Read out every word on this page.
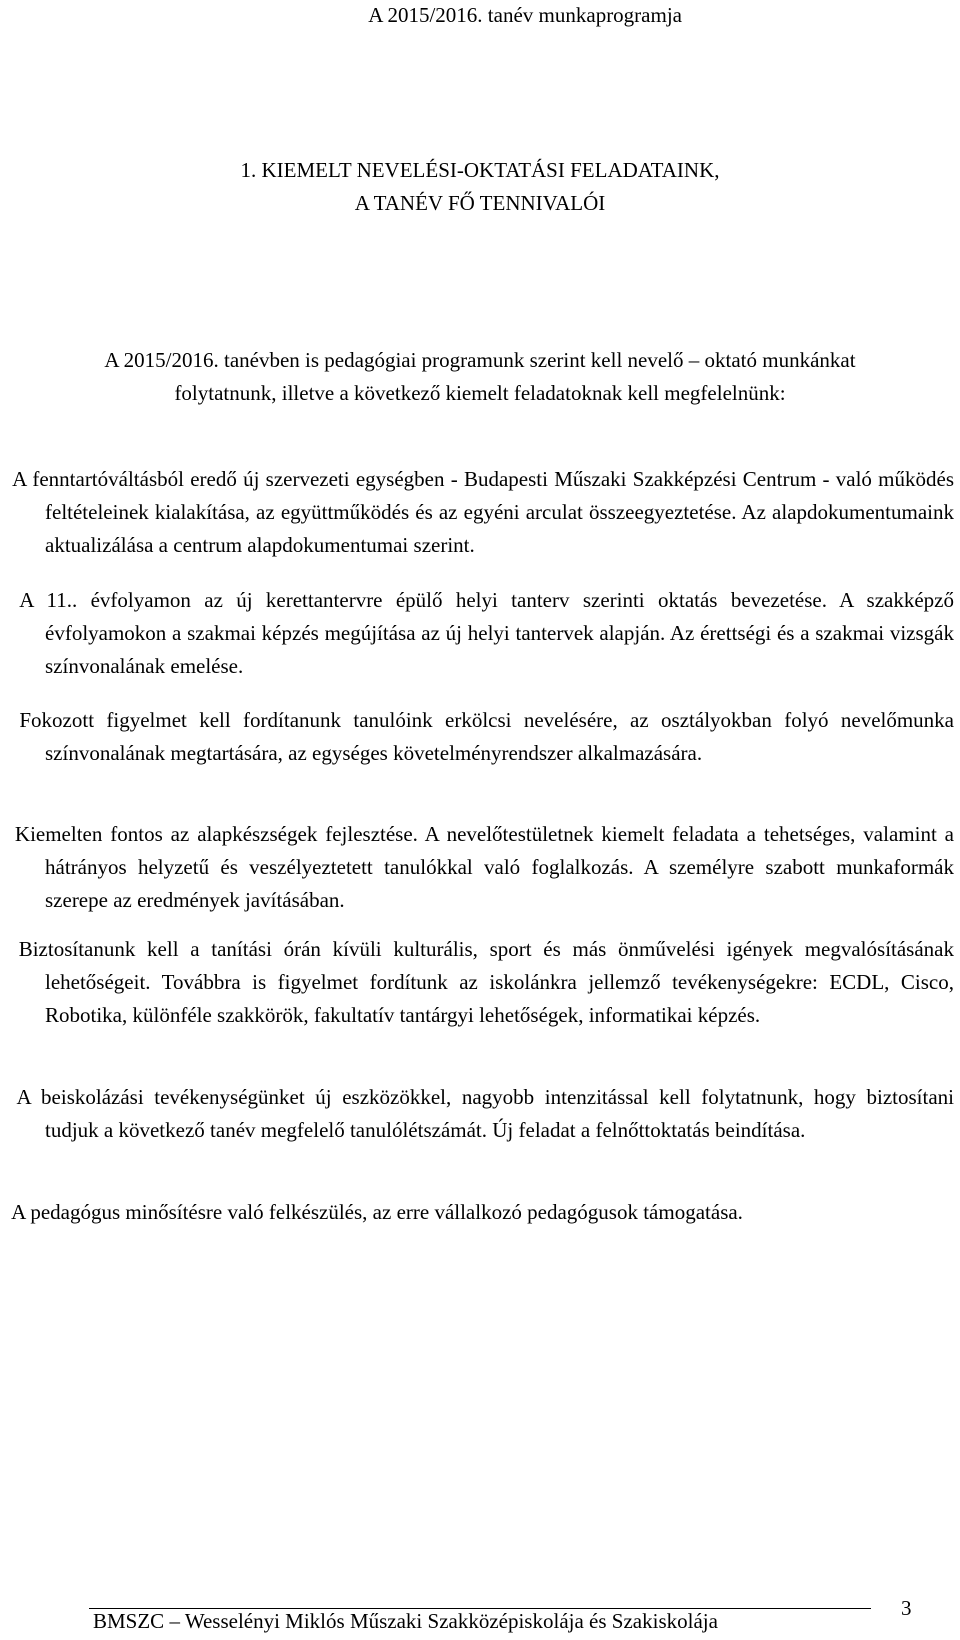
A 2015/2016. tanév munkaprogramja
1. KIEMELT NEVELÉSI-OKTATÁSI FELADATAINK,
A TANÉV FŐ TENNIVALÓI
A 2015/2016. tanévben is pedagógiai programunk szerint kell nevelő – oktató munkánkat
folytatnunk, illetve a következő kiemelt feladatoknak kell megfelelnünk:
A fenntartóváltásból eredő új szervezeti egységben - Budapesti Műszaki Szakképzési Centrum - való működés feltételeinek kialakítása, az együttműködés és az egyéni arculat összeegyeztetése. Az alapdokumentumaink aktualizálása a centrum alapdokumentumai szerint.
A 11.. évfolyamon az új kerettantervre épülő helyi tanterv szerinti oktatás bevezetése. A szakképző évfolyamokon a szakmai képzés megújítása az új helyi tantervek alapján. Az érettségi és a szakmai vizsgák színvonalának emelése.
Fokozott figyelmet kell fordítanunk tanulóink erkölcsi nevelésére, az osztályokban folyó nevelőmunka színvonalának megtartására, az egységes követelményrendszer alkalmazására.
Kiemelten fontos az alapkészségek fejlesztése. A nevelőtestületnek kiemelt feladata a tehetséges, valamint a hátrányos helyzetű és veszélyeztetett tanulókkal való foglalkozás. A személyre szabott munkaformák szerepe az eredmények javításában.
Biztosítanunk kell a tanítási órán kívüli kulturális, sport és más önművelési igények megvalósításának lehetőségeit. Továbbra is figyelmet fordítunk az iskolánkra jellemző tevékenységekre: ECDL, Cisco, Robotika, különféle szakkörök, fakultatív tantárgyi lehetőségek, informatikai képzés.
A beiskolázási tevékenységünket új eszközökkel, nagyobb intenzitással kell folytatnunk, hogy biztosítani tudjuk a következő tanév megfelelő tanulólétszámát. Új feladat a felnőttoktatás beindítása.
A pedagógus minősítésre való felkészülés, az erre vállalkozó pedagógusok támogatása.
BMSZC – Wesselényi Miklós Műszaki Szakközépiskolája és Szakiskolája
3
